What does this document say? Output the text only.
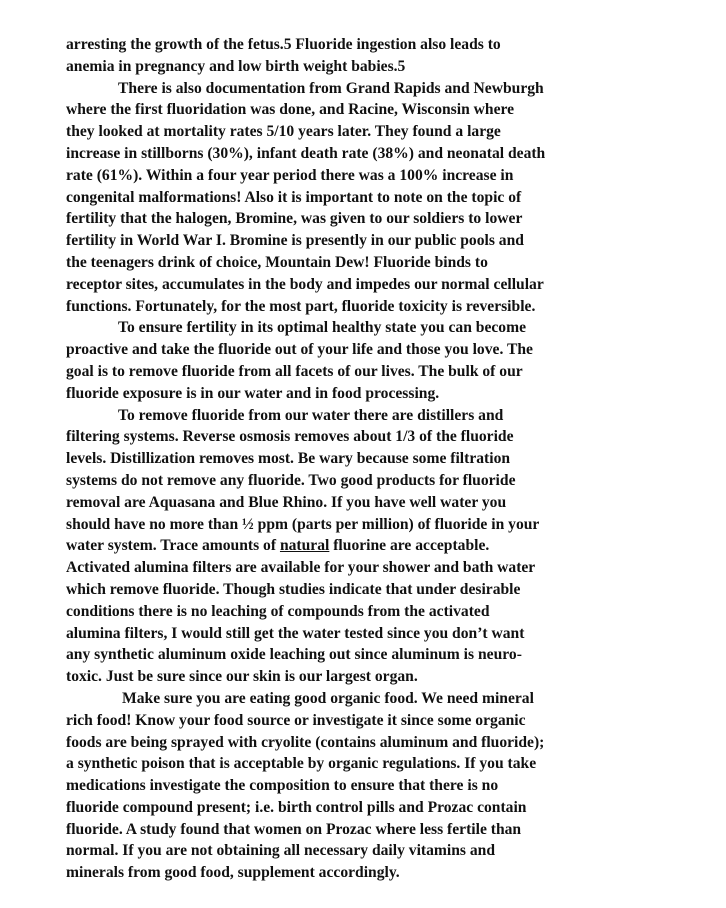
arresting the growth of the fetus.5 Fluoride ingestion also leads to
anemia in pregnancy and low birth weight babies.5

There is also documentation from Grand Rapids and Newburgh
where the first fluoridation was done, and Racine, Wisconsin where
they looked at mortality rates 5/10 years later. They found a large
increase in stillborns (30%), infant death rate (38%) and neonatal death
rate (61%). Within a four year period there was a 100% increase in
congenital malformations! Also it is important to note on the topic of
fertility that the halogen, Bromine, was given to our soldiers to lower
fertility in World War I. Bromine is presently in our public pools and
the teenagers drink of choice, Mountain Dew! Fluoride binds to
receptor sites, accumulates in the body and impedes our normal cellular
functions. Fortunately, for the most part, fluoride toxicity is reversible.

To ensure fertility in its optimal healthy state you can become
proactive and take the fluoride out of your life and those you love. The
goal is to remove fluoride from all facets of our lives. The bulk of our
fluoride exposure is in our water and in food processing.

To remove fluoride from our water there are distillers and
filtering systems. Reverse osmosis removes about 1/3 of the fluoride
levels. Distillization removes most. Be wary because some filtration
systems do not remove any fluoride. Two good products for fluoride
removal are Aquasana and Blue Rhino. If you have well water you
should have no more than ½ ppm (parts per million) of fluoride in your
water system. Trace amounts of natural fluorine are acceptable.
Activated alumina filters are available for your shower and bath water
which remove fluoride. Though studies indicate that under desirable
conditions there is no leaching of compounds from the activated
alumina filters, I would still get the water tested since you don’t want
any synthetic aluminum oxide leaching out since aluminum is neuro-
toxic. Just be sure since our skin is our largest organ.

Make sure you are eating good organic food. We need mineral
rich food! Know your food source or investigate it since some organic
foods are being sprayed with cryolite (contains aluminum and fluoride);
a synthetic poison that is acceptable by organic regulations. If you take
medications investigate the composition to ensure that there is no
fluoride compound present; i.e. birth control pills and Prozac contain
fluoride. A study found that women on Prozac where less fertile than
normal. If you are not obtaining all necessary daily vitamins and
minerals from good food, supplement accordingly.
